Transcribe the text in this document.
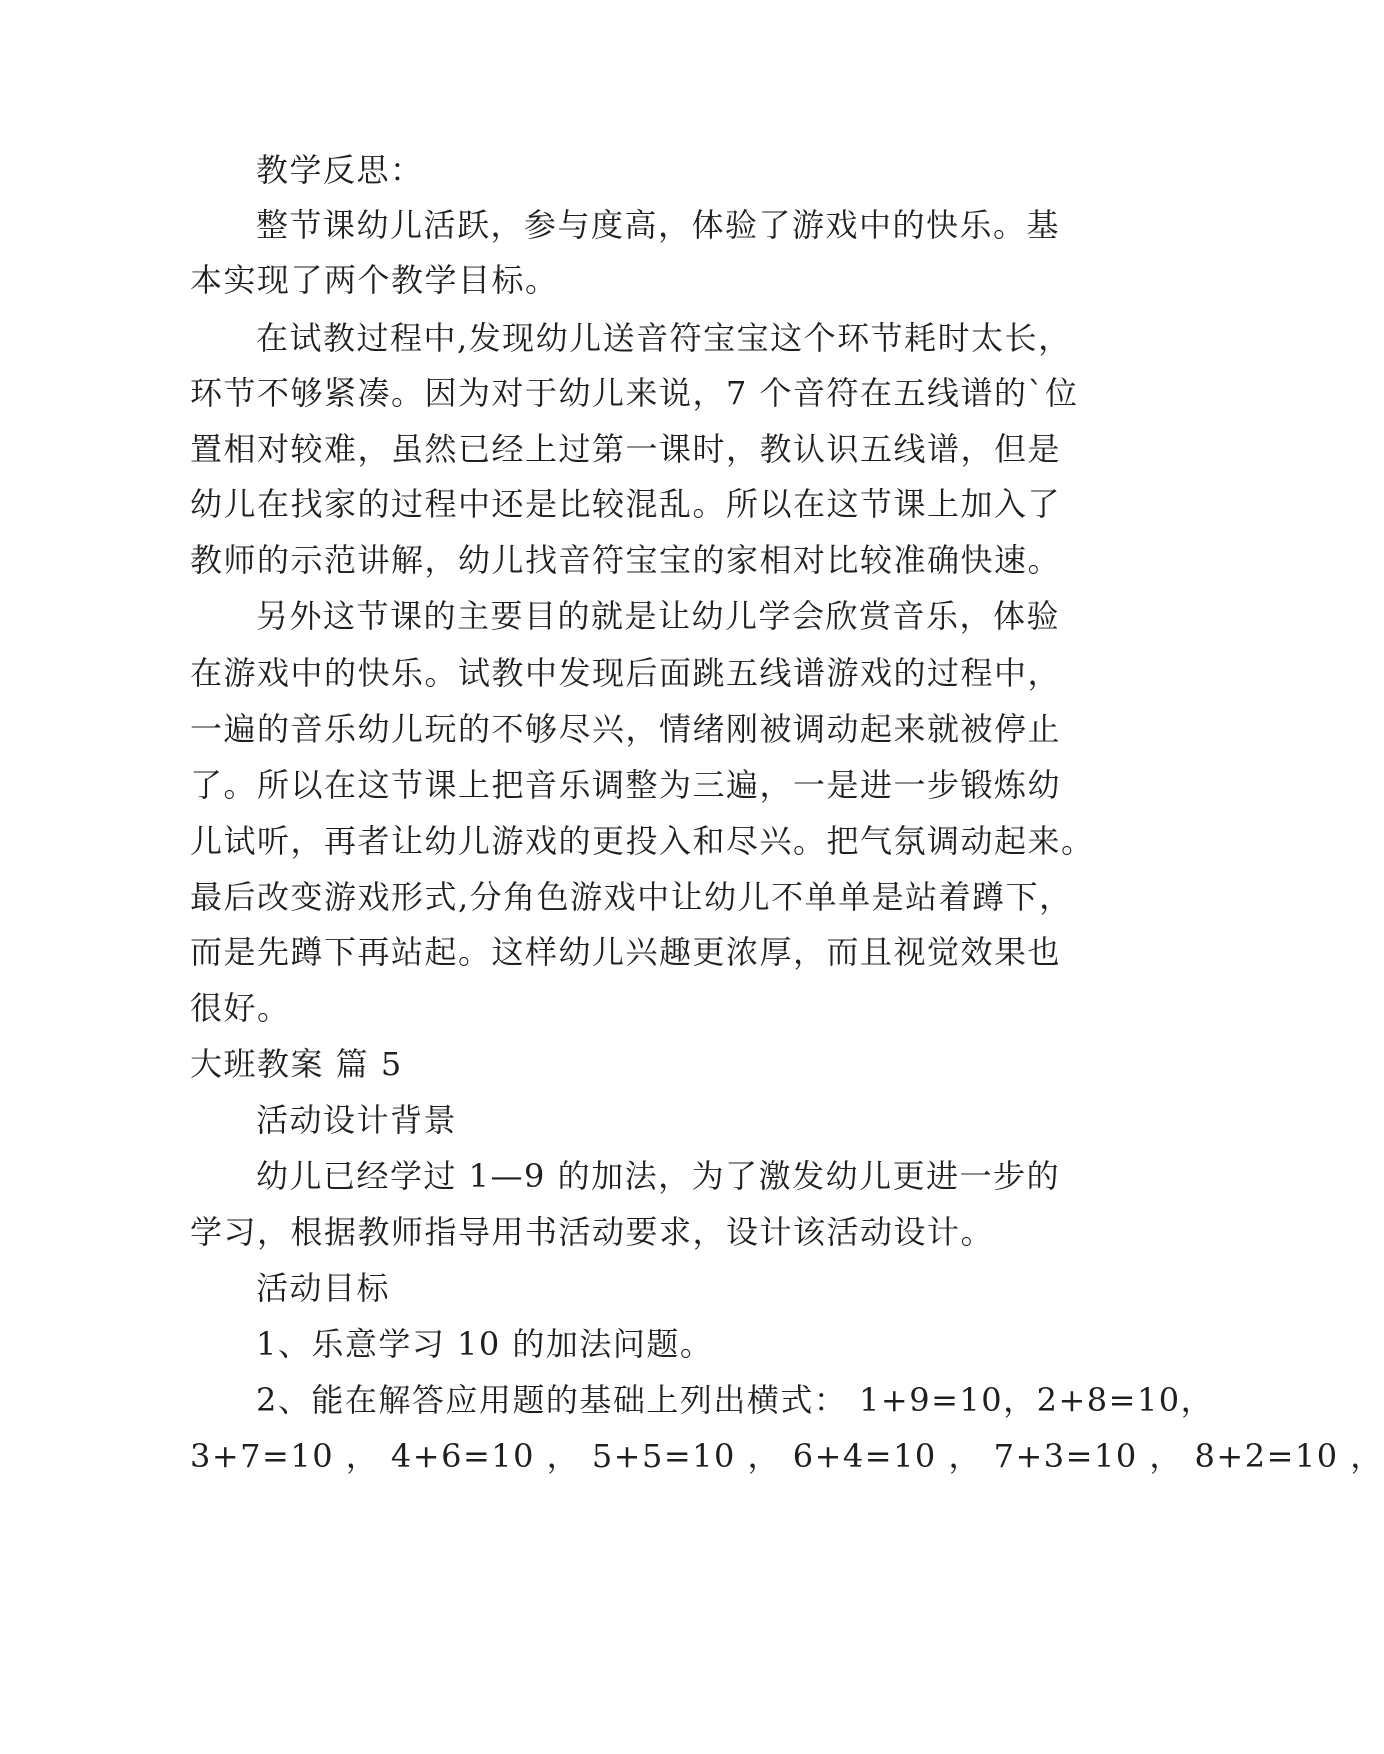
教学反思：
整节课幼儿活跃，参与度高，体验了游戏中的快乐。基
本实现了两个教学目标。
在试教过程中,发现幼儿送音符宝宝这个环节耗时太长，
环节不够紧凑。因为对于幼儿来说，7 个音符在五线谱的`位
置相对较难，虽然已经上过第一课时，教认识五线谱，但是
幼儿在找家的过程中还是比较混乱。所以在这节课上加入了
教师的示范讲解，幼儿找音符宝宝的家相对比较准确快速。
另外这节课的主要目的就是让幼儿学会欣赏音乐，体验
在游戏中的快乐。试教中发现后面跳五线谱游戏的过程中，
一遍的音乐幼儿玩的不够尽兴，情绪刚被调动起来就被停止
了。所以在这节课上把音乐调整为三遍，一是进一步锻炼幼
儿试听，再者让幼儿游戏的更投入和尽兴。把气氛调动起来。
最后改变游戏形式,分角色游戏中让幼儿不单单是站着蹲下，
而是先蹲下再站起。这样幼儿兴趣更浓厚，而且视觉效果也
很好。
大班教案 篇 5
活动设计背景
幼儿已经学过 1—9 的加法，为了激发幼儿更进一步的
学习，根据教师指导用书活动要求，设计该活动设计。
活动目标
1、乐意学习 10 的加法问题。
2、能在解答应用题的基础上列出横式： 1+9=10，2+8=10，
3+7=10 ， 4+6=10 ， 5+5=10 ， 6+4=10 ， 7+3=10 ， 8+2=10 ，
